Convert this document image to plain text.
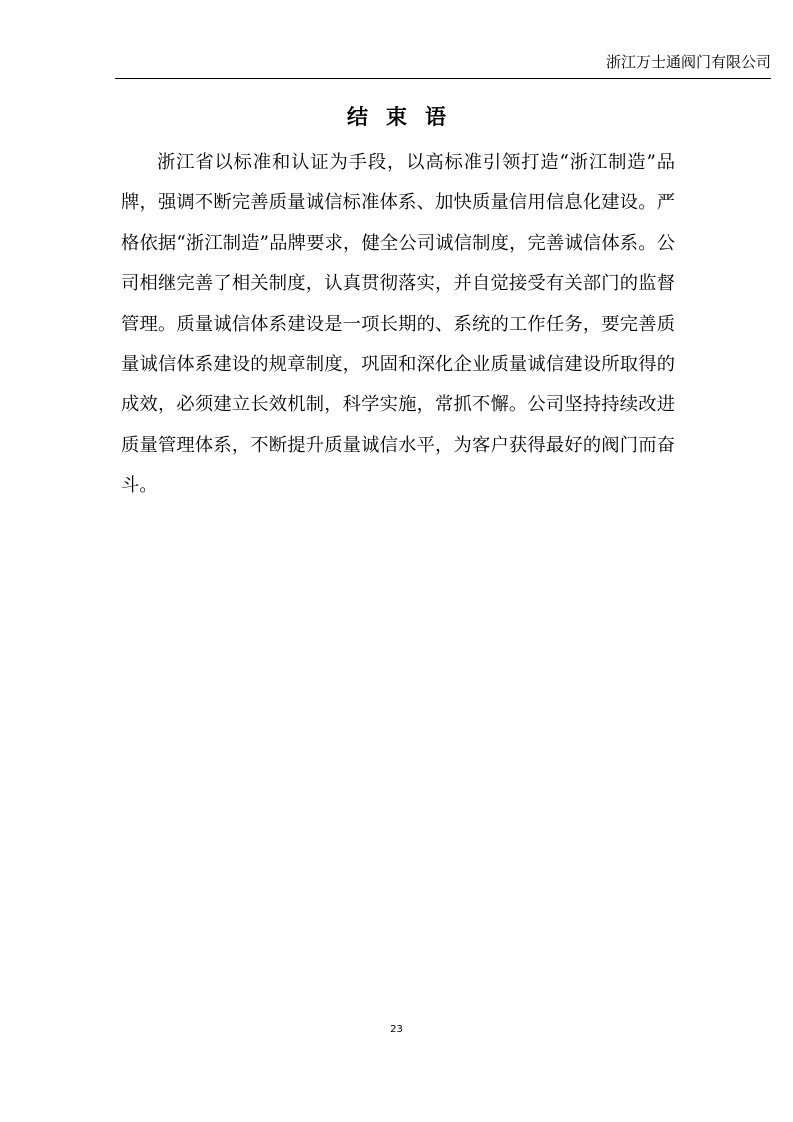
浙江万士通阀门有限公司
结束语

浙江省以标准和认证为手段，以高标准引领打造“浙江制造”品牌，强调不断完善质量诚信标准体系、加快质量信用信息化建设。严格依据“浙江制造”品牌要求，健全公司诚信制度，完善诚信体系。公司相继完善了相关制度，认真贯彻落实，并自觉接受有关部门的监督管理。质量诚信体系建设是一项长期的、系统的工作任务，要完善质量诚信体系建设的规章制度，巩固和深化企业质量诚信建设所取得的成效，必须建立长效机制，科学实施，常抓不懈。公司坚持持续改进质量管理体系，不断提升质量诚信水平，为客户获得最好的阀门而奋斗。

23
